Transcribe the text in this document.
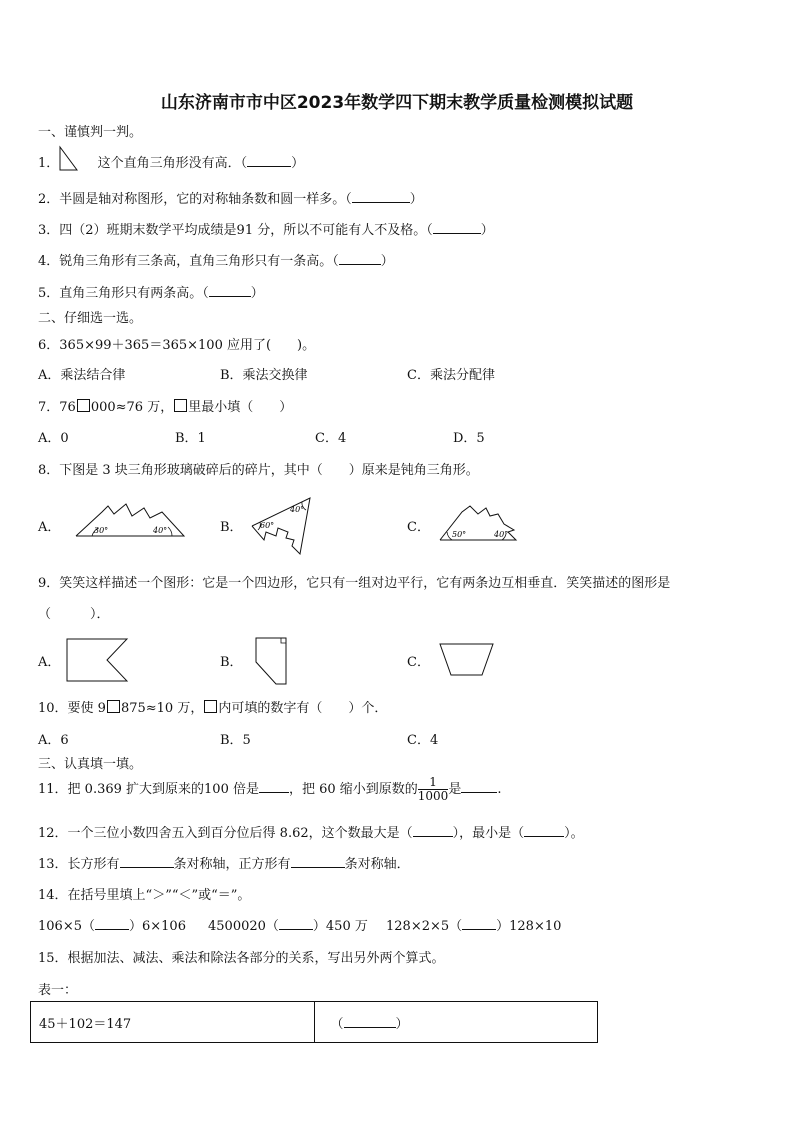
山东济南市市中区2023年数学四下期末教学质量检测模拟试题
一、谨慎判一判。
1．	这个直角三角形没有高．（	）
2．半圆是轴对称图形，它的对称轴条数和圆一样多。（	）
3．四（2）班期末数学平均成绩是91 分，所以不可能有人不及格。（	）
4．锐角三角形有三条高，直角三角形只有一条高。（	）
5．直角三角形只有两条高。（	）
二、仔细选一选。
6．365×99＋365＝365×100 应用了(　　)。
A．乘法结合律	B．乘法交换律	C．乘法分配律
7．76 000≈76 万， 里最小填（　　）
A．0	B．1	C．4	D．5
8．下图是 3 块三角形玻璃破碎后的碎片，其中（　　）原来是钝角三角形。
A．	B．	C．
30°	40°
60°
40°
50°	40°
9．笑笑这样描述一个图形：它是一个四边形，它只有一组对边平行，它有两条边互相垂直．笑笑描述的图形是
（　　　）．
A．	B．	C．
10．要使 9 875≈10 万， 内可填的数字有（　　）个．
A．6	B．5	C．4
三、认真填一填。
11．把 0.369 扩大到原来的100 倍是 ，把 60 缩小到原数的 $\frac{1}{1000}$ 是	.
12．一个三位小数四舍五入到百分位后得 8.62，这个数最大是（	），最小是（	）。
13．长方形有	条对称轴，正方形有	条对称轴．
14．在括号里填上“＞”“＜”或“＝”。
106×5（	）6×106 4500020（	）450 万 128×2×5（	）128×10
15．根据加法、减法、乘法和除法各部分的关系，写出另外两个算式。
表一：
45＋102＝147	（	）
